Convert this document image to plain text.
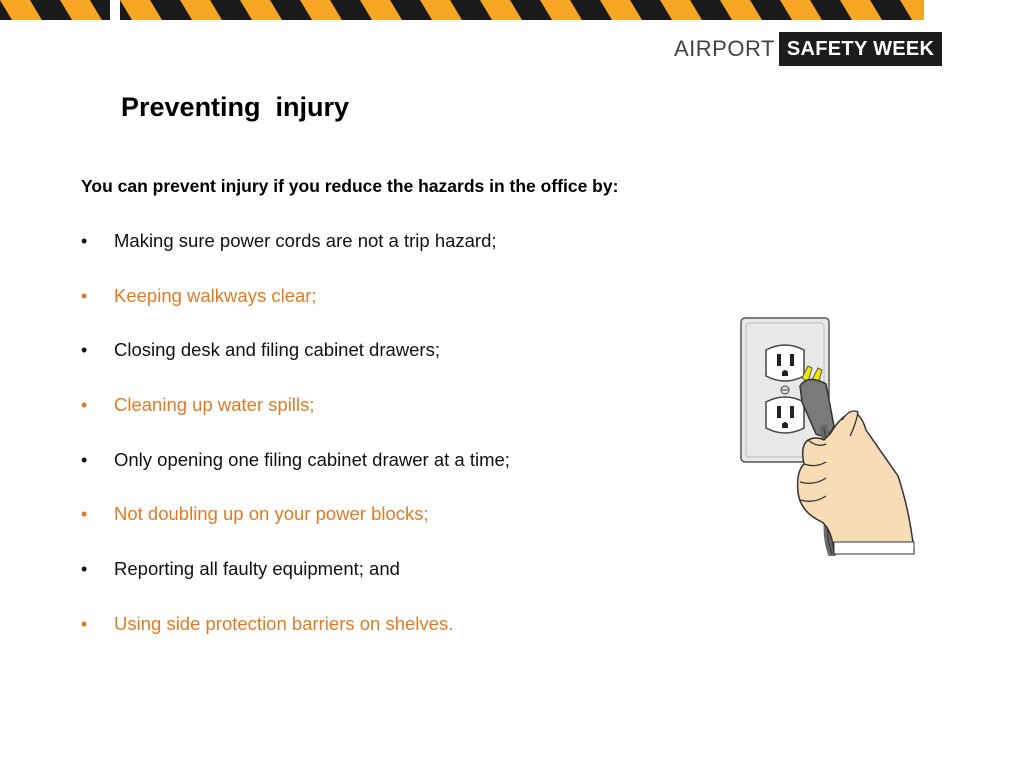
AIRPORT SAFETY WEEK
Preventing  injury

You can prevent injury if you reduce the hazards in the office by:

• Making sure power cords are not a trip hazard;
• Keeping walkways clear;
• Closing desk and filing cabinet drawers;
• Cleaning up water spills;
• Only opening one filing cabinet drawer at a time;
• Not doubling up on your power blocks;
• Reporting all faulty equipment; and
• Using side protection barriers on shelves.
